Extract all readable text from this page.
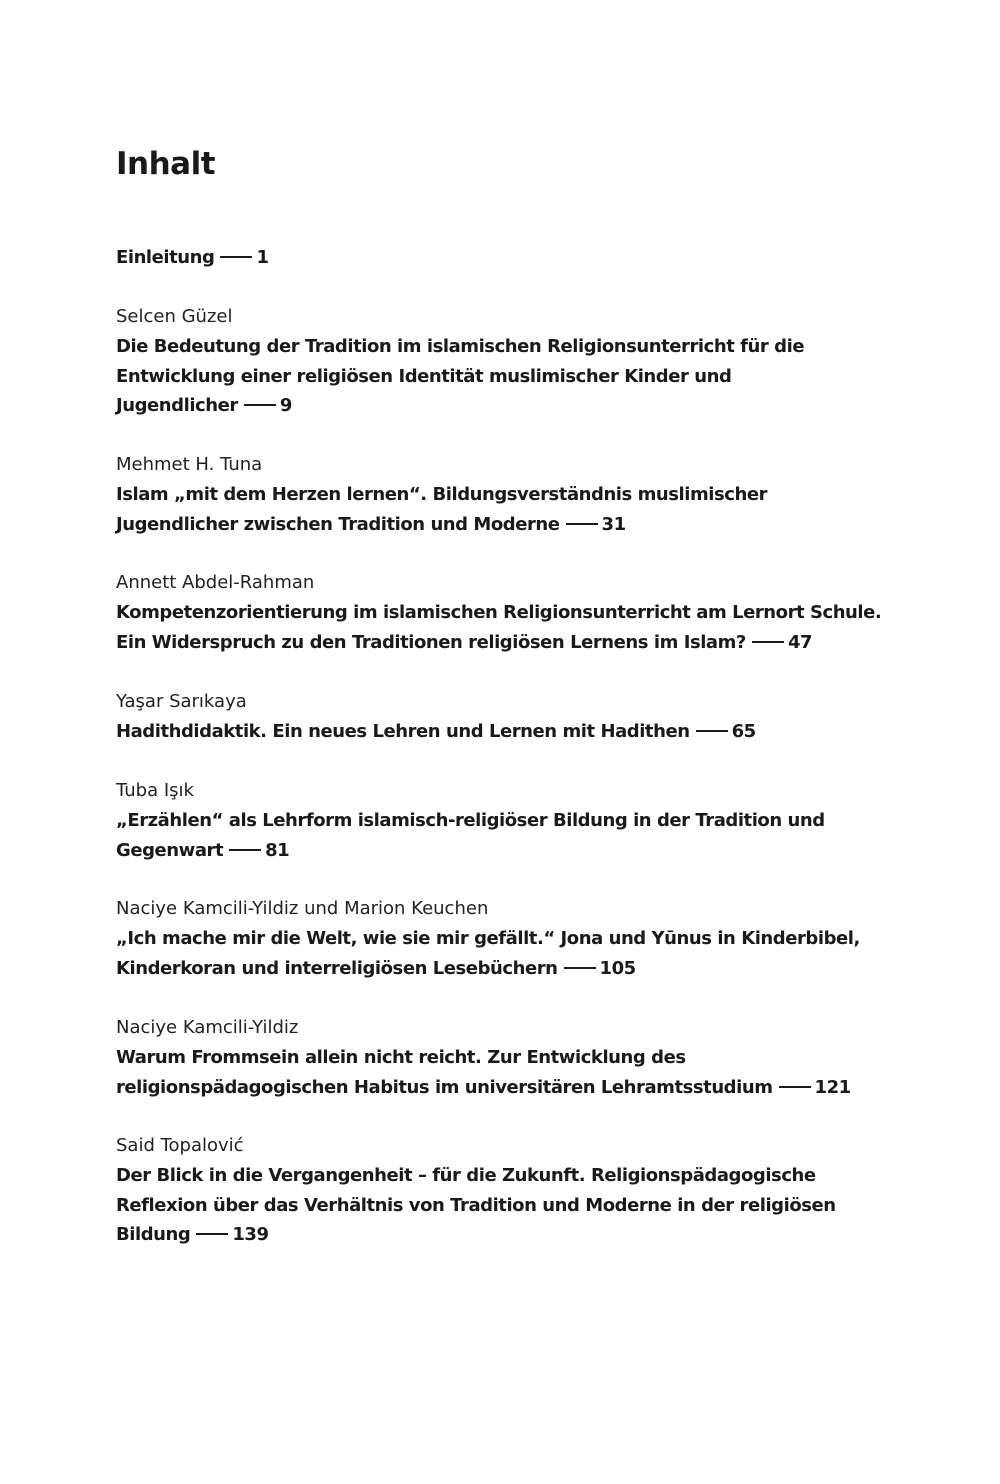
Inhalt
Einleitung 1
Selcen Güzel
Die Bedeutung der Tradition im islamischen Religionsunterricht für die
Entwicklung einer religiösen Identität muslimischer Kinder und
Jugendlicher 9
Mehmet H. Tuna
Islam „mit dem Herzen lernen“. Bildungsverständnis muslimischer
Jugendlicher zwischen Tradition und Moderne 31
Annett Abdel-Rahman
Kompetenzorientierung im islamischen Religionsunterricht am Lernort Schule.
Ein Widerspruch zu den Traditionen religiösen Lernens im Islam? 47
Yaşar Sarıkaya
Hadithdidaktik. Ein neues Lehren und Lernen mit Hadithen 65
Tuba Işık
„Erzählen“ als Lehrform islamisch-religiöser Bildung in der Tradition und
Gegenwart 81
Naciye Kamcili-Yildiz und Marion Keuchen
„Ich mache mir die Welt, wie sie mir gefällt.“ Jona und Yūnus in Kinderbibel,
Kinderkoran und interreligiösen Lesebüchern 105
Naciye Kamcili-Yildiz
Warum Frommsein allein nicht reicht. Zur Entwicklung des
religionspädagogischen Habitus im universitären Lehramtsstudium 121
Said Topalović
Der Blick in die Vergangenheit – für die Zukunft. Religionspädagogische
Reflexion über das Verhältnis von Tradition und Moderne in der religiösen
Bildung 139
